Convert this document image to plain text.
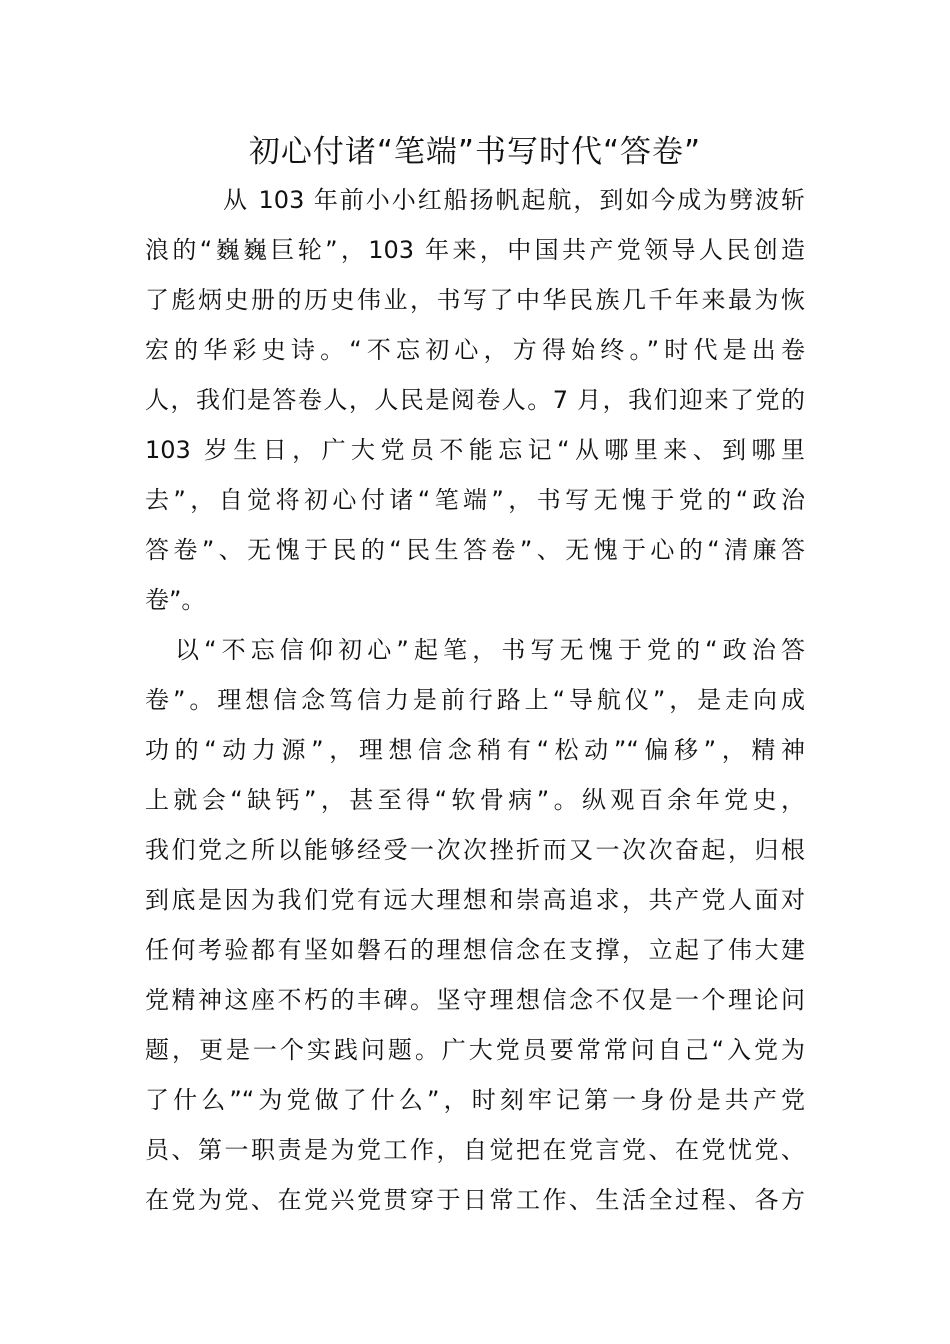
初心付诸“笔端”书写时代“答卷”
从 103 年前小小红船扬帆起航，到如今成为劈波斩
浪的“巍巍巨轮”，103 年来，中国共产党领导人民创造
了彪炳史册的历史伟业，书写了中华民族几千年来最为恢
宏的华彩史诗。“不忘初心，方得始终。”时代是出卷
人，我们是答卷人，人民是阅卷人。7 月，我们迎来了党的
103 岁生日，广大党员不能忘记“从哪里来、到哪里
去”，自觉将初心付诸“笔端”，书写无愧于党的“政治
答卷”、无愧于民的“民生答卷”、无愧于心的“清廉答
卷”。
以“不忘信仰初心”起笔，书写无愧于党的“政治答
卷”。理想信念笃信力是前行路上“导航仪”，是走向成
功的“动力源”，理想信念稍有“松动”“偏移”，精神
上就会“缺钙”，甚至得“软骨病”。纵观百余年党史，
我们党之所以能够经受一次次挫折而又一次次奋起，归根
到底是因为我们党有远大理想和崇高追求，共产党人面对
任何考验都有坚如磐石的理想信念在支撑，立起了伟大建
党精神这座不朽的丰碑。坚守理想信念不仅是一个理论问
题，更是一个实践问题。广大党员要常常问自己“入党为
了什么”“为党做了什么”，时刻牢记第一身份是共产党
员、第一职责是为党工作，自觉把在党言党、在党忧党、
在党为党、在党兴党贯穿于日常工作、生活全过程、各方
